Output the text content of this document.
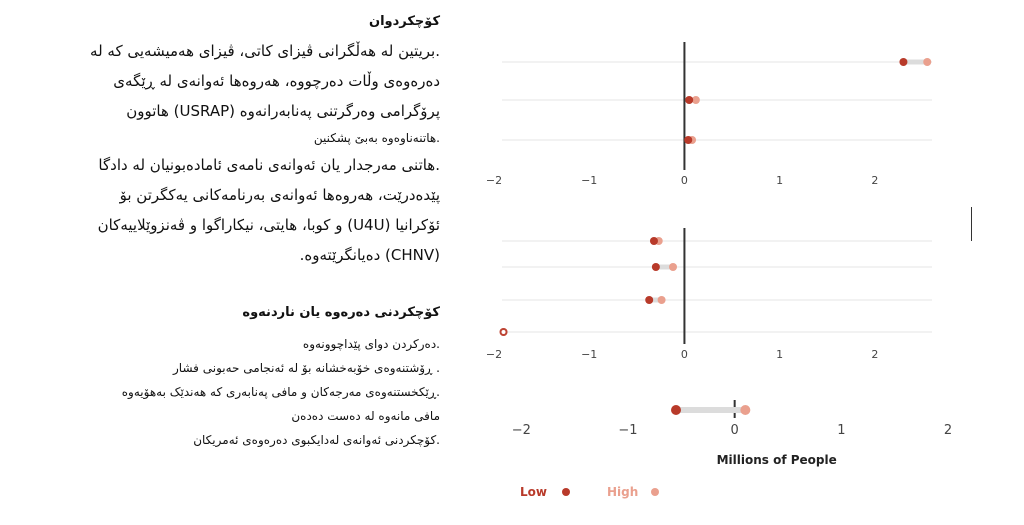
كۆچکردوان
.بریتین لە هەڵگرانی ڤیزای کاتی، ڤیزای هەمیشەیی کە لە
دەرەوەی وڵات دەرچووە، هەروەها ئەوانەی لە ڕێگەی
پرۆگرامی وەرگرتنی پەنابەرانەوە (USRAP) هاتوون
.هاتنەناوەوە بەبێ پشکنین
.هاتنی مەرجدار یان ئەوانەی نامەی ئامادەبونیان لە دادگا
پێدەدرێت، هەروەها ئەوانەی بەرنامەکانی یەکگرتن بۆ
ئۆکرانیا (U4U) و کوبا، هایتی، نیکاراگوا و ڤەنزوێلاییەکان
(CHNV) دەیانگرێتەوە.
کۆچکردنی دەرەوە یان ناردنەوە
.دەرکردن دوای پێداچوونەوە
. ڕۆشتنەوەی خۆبەخشانە بۆ لە ئەنجامی حەبونی فشار
.ڕێکخستنەوەی مەرجەکان و مافی پەنابەری کە هەندێک بەهۆیەوە
مافی مانەوە لە دەست دەدەن
.کۆچکردنی ئەوانەی لەدایکبوی دەرەوەی ئەمریکان
−2	−1	0	1	2
−2	−1	0	1	2
−2	−1	0	1	2
Millions of People
Low	High
